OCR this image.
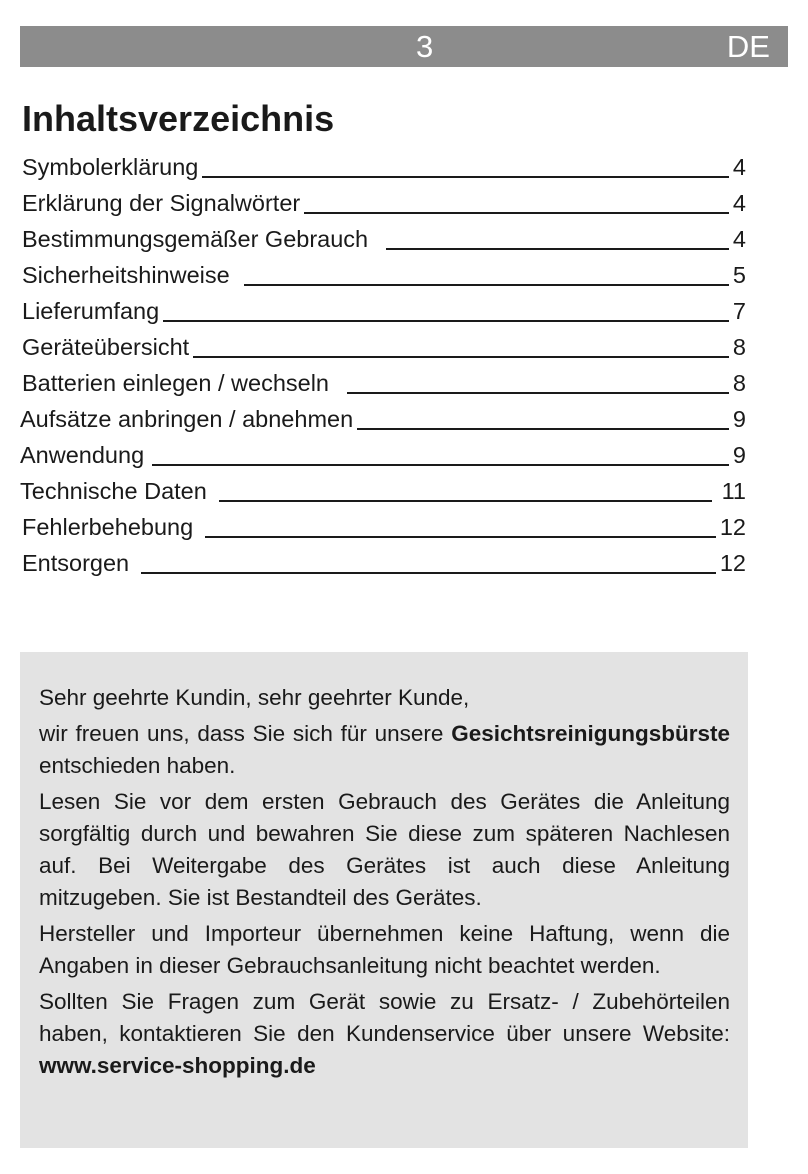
3	DE
Inhaltsverzeichnis
Symbolerklärung	4
Erklärung der Signalwörter	4
Bestimmungsgemäßer Gebrauch	4
Sicherheitshinweise	5
Lieferumfang	7
Geräteübersicht	8
Batterien einlegen / wechseln	8
Aufsätze anbringen / abnehmen	9
Anwendung	9
Technische Daten	11
Fehlerbehebung	12
Entsorgen	12

Sehr geehrte Kundin, sehr geehrter Kunde,

wir freuen uns, dass Sie sich für unsere Gesichtsreinigungsbürste entschieden haben.

Lesen Sie vor dem ersten Gebrauch des Gerätes die Anleitung sorgfältig durch und bewahren Sie diese zum späteren Nachlesen auf. Bei Weitergabe des Gerätes ist auch diese Anleitung mitzugeben. Sie ist Bestandteil des Gerätes.

Hersteller und Importeur übernehmen keine Haftung, wenn die Angaben in dieser Gebrauchsanleitung nicht beachtet werden.

Sollten Sie Fragen zum Gerät sowie zu Ersatz- / Zubehörteilen haben, kontaktieren Sie den Kundenservice über unsere Website: www.service-shopping.de
